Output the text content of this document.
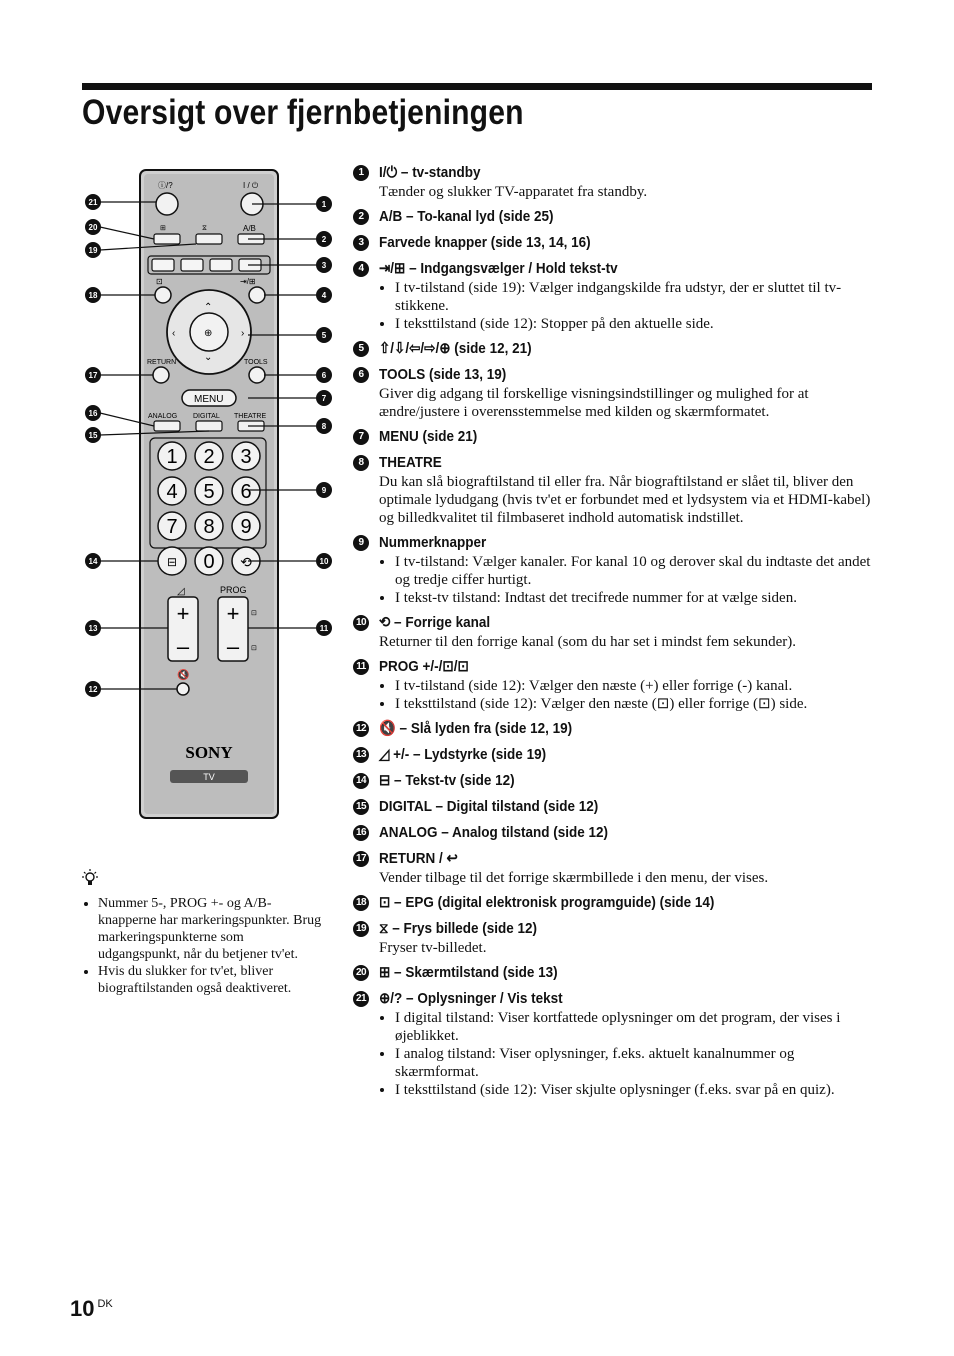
Oversigt over fjernbetjeningen
ⓘ/?	I / ⏻
⊞	⧖	A/B
⊡	⇥/⊞
⌃
⌄
‹	›
⊕
RETURN	TOOLS
MENU
ANALOG DIGITAL THEATRE
1 2 3
4 5 6
7 8 9
⊟ 0 ⟲
◿	PROG
+
–
+
–
⊡
⊡
🔇
SONY
TV
21
20
19
18
17
16
15
14
13
12
1
2
3
4
5
6
7
8
9
10
11
• Nummer 5-, PROG +- og A/B-knapperne har markeringspunkter. Brug markeringspunkterne som udgangspunkt, når du betjener tv'et.
• Hvis du slukker for tv'et, bliver biograftilstanden også deaktiveret.
1	I/⏻ – tv-standby
Tænder og slukker TV-apparatet fra standby.
2	A/B – To-kanal lyd (side 25)
3	Farvede knapper (side 13, 14, 16)
4	⇥/⊞ – Indgangsvælger / Hold tekst-tv
• I tv-tilstand (side 19): Vælger indgangskilde fra udstyr, der er sluttet til tv-stikkene.
• I teksttilstand (side 12): Stopper på den aktuelle side.
5	⇧/⇩/⇦/⇨/⊕ (side 12, 21)
6	TOOLS (side 13, 19)
Giver dig adgang til forskellige visningsindstillinger og mulighed for at ændre/justere i overensstemmelse med kilden og skærmformatet.
7	MENU (side 21)
8	THEATRE
Du kan slå biograftilstand til eller fra. Når biograftilstand er slået til, bliver den optimale lydudgang (hvis tv'et er forbundet med et lydsystem via et HDMI-kabel) og billedkvalitet til filmbaseret indhold automatisk indstillet.
9	Nummerknapper
• I tv-tilstand: Vælger kanaler. For kanal 10 og derover skal du indtaste det andet og tredje ciffer hurtigt.
• I tekst-tv tilstand: Indtast det trecifrede nummer for at vælge siden.
10 ⟲ – Forrige kanal
Returner til den forrige kanal (som du har set i mindst fem sekunder).
11 PROG +/-/⊡/⊡
• I tv-tilstand (side 12): Vælger den næste (+) eller forrige (-) kanal.
• I teksttilstand (side 12): Vælger den næste (⊡) eller forrige (⊡) side.
12 🔇 – Slå lyden fra (side 12, 19)
13 ◿ +/- – Lydstyrke (side 19)
14 ⊟ – Tekst-tv (side 12)
15 DIGITAL – Digital tilstand (side 12)
16 ANALOG – Analog tilstand (side 12)
17 RETURN / ↩
Vender tilbage til det forrige skærmbillede i den menu, der vises.
18 ⊡ – EPG (digital elektronisk programguide) (side 14)
19 ⧖ – Frys billede (side 12)
Fryser tv-billedet.
20 ⊞ – Skærmtilstand (side 13)
21 ⊕/? – Oplysninger / Vis tekst
• I digital tilstand: Viser kortfattede oplysninger om det program, der vises i øjeblikket.
• I analog tilstand: Viser oplysninger, f.eks. aktuelt kanalnummer og skærmformat.
• I teksttilstand (side 12): Viser skjulte oplysninger (f.eks. svar på en quiz).
10 $^{DK}$
